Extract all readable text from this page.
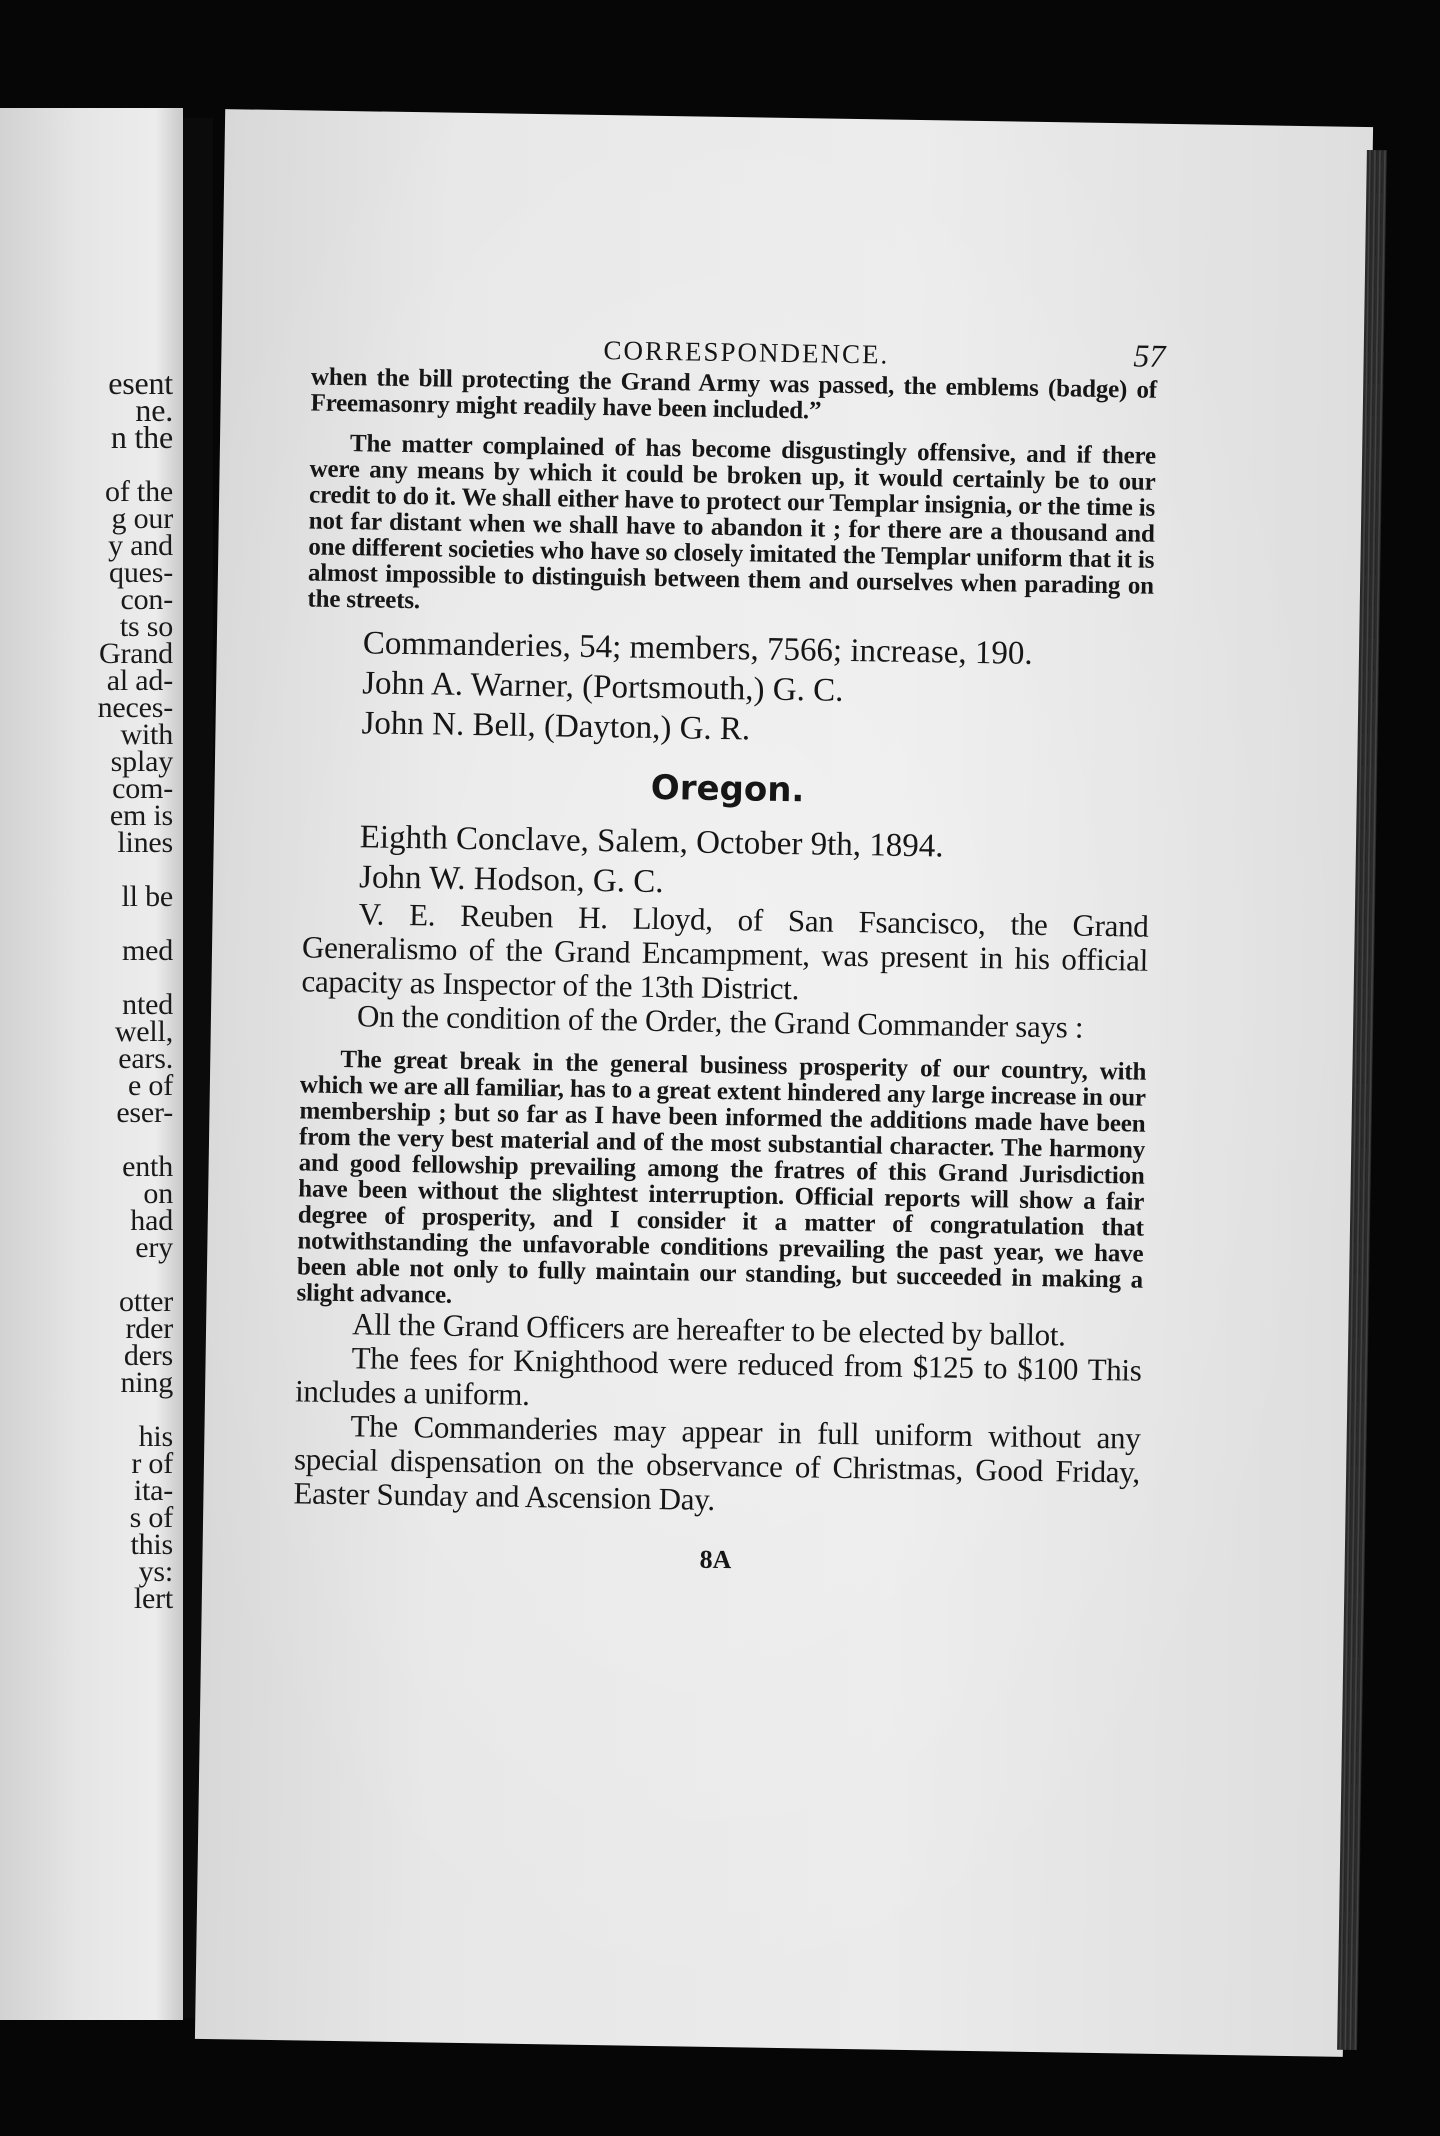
esent
ne.
n the

of the
g our
y and
ques-
con-
ts so
Grand
al ad-
neces-
with
splay
com-
em is
lines

ll be

med

nted
well,
ears.
e of
eser-

enth
on
had
ery

otter
rder
ders
ning

his
r of
ita-
s of
this
ys:
lert
CORRESPONDENCE.	57

when the bill protecting the Grand Army was passed, the emblems (badge) of Freemasonry might readily have been included.”

The matter complained of has become disgustingly offensive, and if there were any means by which it could be broken up, it would certainly be to our credit to do it. We shall either have to protect our Templar insignia, or the time is not far distant when we shall have to abandon it ; for there are a thousand and one different societies who have so closely imitated the Templar uniform that it is almost impossible to distinguish between them and ourselves when parading on the streets.

Commanderies, 54; members, 7566; increase, 190.

John A. Warner, (Portsmouth,) G. C.

John N. Bell, (Dayton,) G. R.

Oregon.

Eighth Conclave, Salem, October 9th, 1894.

John W. Hodson, G. C.

V. E. Reuben H. Lloyd, of San Fsancisco, the Grand Generalismo of the Grand Encampment, was present in his official capacity as Inspector of the 13th District.

On the condition of the Order, the Grand Commander says :

The great break in the general business prosperity of our country, with which we are all familiar, has to a great extent hindered any large increase in our membership ; but so far as I have been informed the additions made have been from the very best material and of the most substantial character. The harmony and good fellowship prevailing among the fratres of this Grand Jurisdiction have been without the slightest interruption. Official reports will show a fair degree of prosperity, and I consider it a matter of congratulation that notwithstanding the unfavorable conditions prevailing the past year, we have been able not only to fully maintain our standing, but succeeded in making a slight advance.

All the Grand Officers are hereafter to be elected by ballot.

The fees for Knighthood were reduced from $125 to $100 This includes a uniform.

The Commanderies may appear in full uniform without any special dispensation on the observance of Christmas, Good Friday, Easter Sunday and Ascension Day.

8A
